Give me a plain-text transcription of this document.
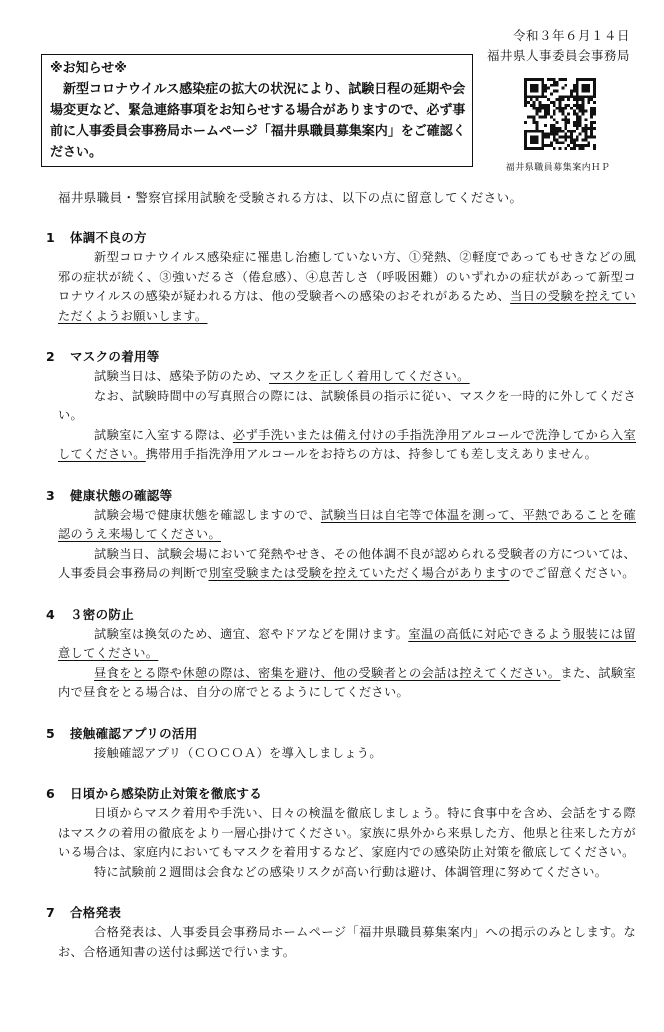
令和３年６月１４日
福井県人事委員会事務局
※お知らせ※
新型コロナウイルス感染症の拡大の状況により、試験日程の延期や会場変更など、緊急連絡事項をお知らせする場合がありますので、必ず事前に人事委員会事務局ホームページ「福井県職員募集案内」をご確認ください。
福井県職員募集案内ＨＰ
福井県職員・警察官採用試験を受験される方は、以下の点に留意してください。
1 体調不良の方
新型コロナウイルス感染症に罹患し治癒していない方、①発熱、②軽度であってもせきなどの風邪の症状が続く、③強いだるさ（倦怠感）、④息苦しさ（呼吸困難）のいずれかの症状があって新型コロナウイルスの感染が疑われる方は、他の受験者への感染のおそれがあるため、当日の受験を控えていただくようお願いします。
2 マスクの着用等
試験当日は、感染予防のため、マスクを正しく着用してください。
なお、試験時間中の写真照合の際には、試験係員の指示に従い、マスクを一時的に外してください。
試験室に入室する際は、必ず手洗いまたは備え付けの手指洗浄用アルコールで洗浄してから入室してください。携帯用手指洗浄用アルコールをお持ちの方は、持参しても差し支えありません。
3 健康状態の確認等
試験会場で健康状態を確認しますので、試験当日は自宅等で体温を測って、平熱であることを確認のうえ来場してください。
試験当日、試験会場において発熱やせき、その他体調不良が認められる受験者の方については、人事委員会事務局の判断で別室受験または受験を控えていただく場合がありますのでご留意ください。
4 ３密の防止
試験室は換気のため、適宜、窓やドアなどを開けます。室温の高低に対応できるよう服装には留意してください。
昼食をとる際や休憩の際は、密集を避け、他の受験者との会話は控えてください。また、試験室内で昼食をとる場合は、自分の席でとるようにしてください。
5 接触確認アプリの活用
接触確認アプリ（ＣＯＣＯＡ）を導入しましょう。
6 日頃から感染防止対策を徹底する
日頃からマスク着用や手洗い、日々の検温を徹底しましょう。特に食事中を含め、会話をする際はマスクの着用の徹底をより一層心掛けてください。家族に県外から来県した方、他県と往来した方がいる場合は、家庭内においてもマスクを着用するなど、家庭内での感染防止対策を徹底してください。
特に試験前２週間は会食などの感染リスクが高い行動は避け、体調管理に努めてください。
7 合格発表
合格発表は、人事委員会事務局ホームページ「福井県職員募集案内」への掲示のみとします。なお、合格通知書の送付は郵送で行います。
